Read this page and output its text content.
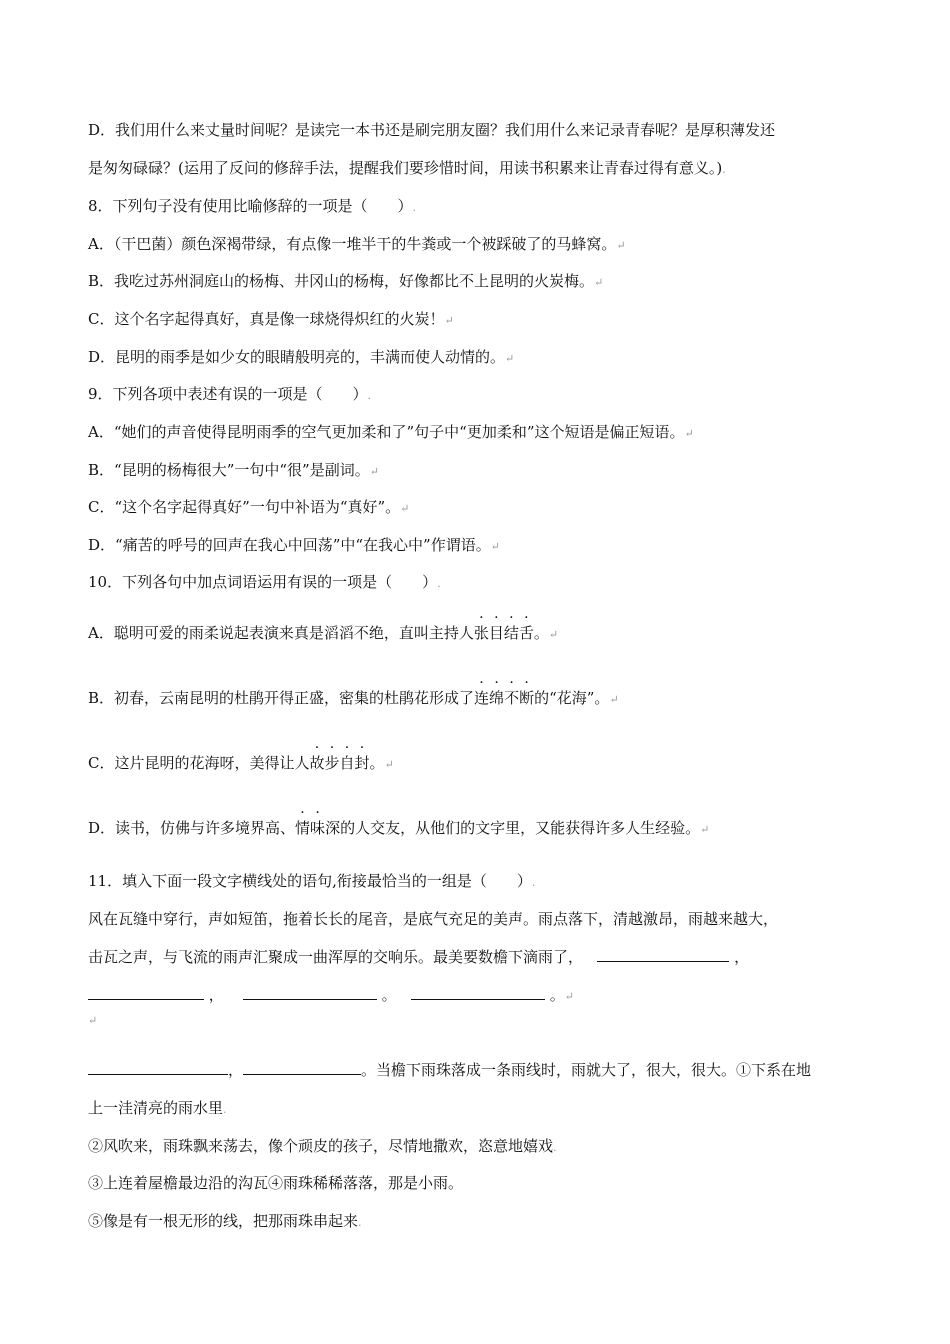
D．我们用什么来丈量时间呢？是读完一本书还是刷完朋友圈？我们用什么来记录青春呢？是厚积薄发还
是匆匆碌碌？(运用了反问的修辞手法，提醒我们要珍惜时间，用读书积累来让青春过得有意义。).
8．下列句子没有使用比喻修辞的一项是（　　）.
A．（干巴菌）颜色深褐带绿，有点像一堆半干的牛粪或一个被踩破了的马蜂窝。↵
B．我吃过苏州洞庭山的杨梅、井冈山的杨梅，好像都比不上昆明的火炭梅。↵
C．这个名字起得真好，真是像一球烧得炽红的火炭！↵
D．昆明的雨季是如少女的眼睛般明亮的，丰满而使人动情的。↵
9．下列各项中表述有误的一项是（　　）.
A．“她们的声音使得昆明雨季的空气更加柔和了”句子中“更加柔和”这个短语是偏正短语。↵
B．“昆明的杨梅很大”一句中“很”是副词。↵
C．“这个名字起得真好”一句中补语为“真好”。↵
D．“痛苦的呼号的回声在我心中回荡”中“在我心中”作谓语。↵
10．下列各句中加点词语运用有误的一项是（　　）.
A．聪明可爱的雨柔说起表演来真是滔滔不绝，直叫主持人张目结舌。↵
B．初春，云南昆明的杜鹃开得正盛，密集的杜鹃花形成了连绵不断的“花海”。↵
C．这片昆明的花海呀，美得让人故步自封。↵
D．读书，仿佛与许多境界高、情味深的人交友，从他们的文字里，又能获得许多人生经验。↵
11．填入下面一段文字横线处的语句,衔接最恰当的一组是（　　）.
风在瓦缝中穿行，声如短笛，拖着长长的尾音，是底气充足的美声。雨点落下，清越激昂，雨越来越大，
击瓦之声，与飞流的雨声汇聚成一曲浑厚的交响乐。最美要数檐下滴雨了，	，
，	。	。↵
↵
，	。当檐下雨珠落成一条雨线时，雨就大了，很大，很大。①下系在地
上一洼清亮的雨水里.
②风吹来，雨珠飘来荡去，像个顽皮的孩子，尽情地撒欢，恣意地嬉戏.
③上连着屋檐最边沿的沟瓦④雨珠稀稀落落，那是小雨。
⑤像是有一根无形的线，把那雨珠串起来.
